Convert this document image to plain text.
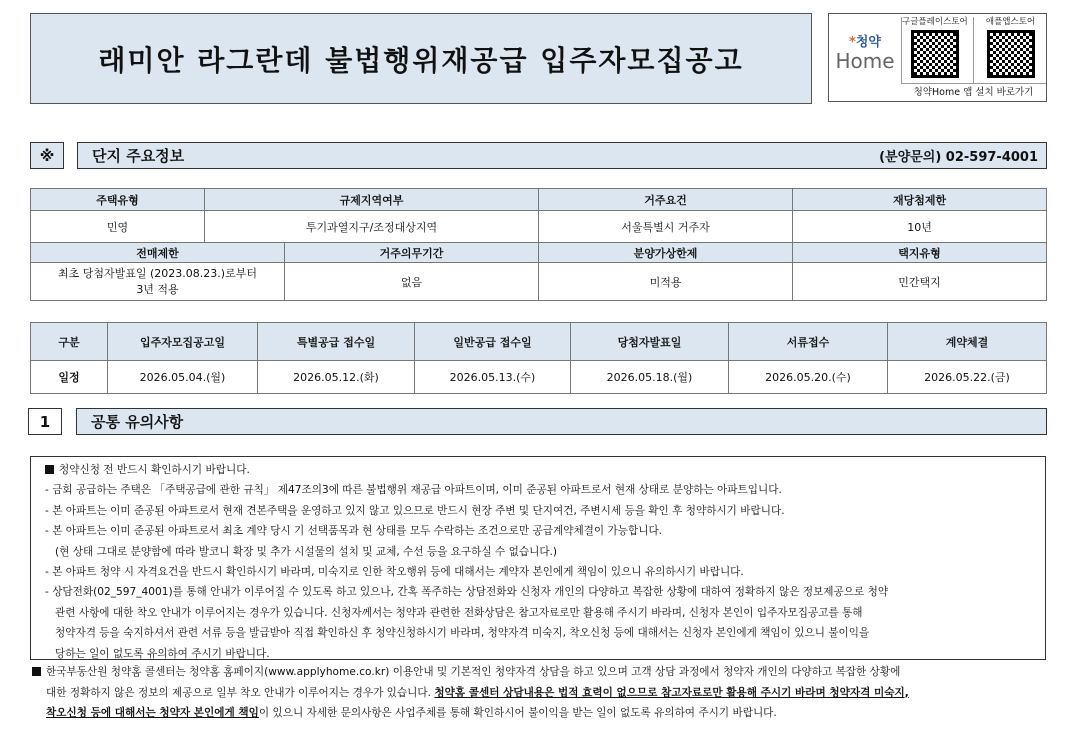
래미안 라그란데 불법행위재공급 입주자모집공고
*청약
Home
구글플레이스토어	애플앱스토어
청약Home 앱 설치 바로가기
※	단지 주요정보	(분양문의) 02-597-4001
주택유형	규제지역여부		거주요건	재당첨제한
민영	투기과열지구/조정대상지역		서울특별시 거주자	10년
전매제한		거주의무기간	분양가상한제	택지유형

최초 당첨자발표일 (2023.08.23.)로부터
3년 적용		없음	미적용	민간택지
구분	입주자모집공고일	특별공급 접수일	일반공급 접수일	당첨자발표일	서류접수	계약체결
일정	2026.05.04.(월)	2026.05.12.(화)	2026.05.13.(수)	2026.05.18.(월)	2026.05.20.(수)	2026.05.22.(금)
1	공통 유의사항

청약신청 전 반드시 확인하시기 바랍니다.

- 금회 공급하는 주택은 「주택공급에 관한 규칙」 제47조의3에 따른 불법행위 재공급 아파트이며, 이미 준공된 아파트로서 현재 상태로 분양하는 아파트입니다.

- 본 아파트는 이미 준공된 아파트로서 현재 견본주택을 운영하고 있지 않고 있으므로 반드시 현장 주변 및 단지여건, 주변시세 등을 확인 후 청약하시기 바랍니다.

- 본 아파트는 이미 준공된 아파트로서 최초 계약 당시 기 선택품목과 현 상태를 모두 수락하는 조건으로만 공급계약체결이 가능합니다.

(현 상태 그대로 분양함에 따라 발코니 확장 및 추가 시설물의 설치 및 교체, 수선 등을 요구하실 수 없습니다.)

- 본 아파트 청약 시 자격요건을 반드시 확인하시기 바라며, 미숙지로 인한 착오행위 등에 대해서는 계약자 본인에게 책임이 있으니 유의하시기 바랍니다.

- 상담전화(02_597_4001)를 통해 안내가 이루어질 수 있도록 하고 있으나, 간혹 폭주하는 상담전화와 신청자 개인의 다양하고 복잡한 상황에 대하여 정확하지 않은 정보제공으로 청약

관련 사항에 대한 착오 안내가 이루어지는 경우가 있습니다. 신청자께서는 청약과 관련한 전화상담은 참고자료로만 활용해 주시기 바라며, 신청자 본인이 입주자모집공고를 통해

청약자격 등을 숙지하셔서 관련 서류 등을 발급받아 직접 확인하신 후 청약신청하시기 바라며, 청약자격 미숙지, 착오신청 등에 대해서는 신청자 본인에게 책임이 있으니 불이익을

당하는 일이 없도록 유의하여 주시기 바랍니다.

한국부동산원 청약홈 콜센터는 청약홈 홈페이지(www.applyhome.co.kr) 이용안내 및 기본적인 청약자격 상담을 하고 있으며 고객 상담 과정에서 청약자 개인의 다양하고 복잡한 상황에

대한 정확하지 않은 정보의 제공으로 일부 착오 안내가 이루어지는 경우가 있습니다. 청약홈 콜센터 상담내용은 법적 효력이 없으므로 참고자료로만 활용해 주시기 바라며 청약자격 미숙지,

착오신청 등에 대해서는 청약자 본인에게 책임이 있으니 자세한 문의사항은 사업주체를 통해 확인하시어 불이익을 받는 일이 없도록 유의하여 주시기 바랍니다.
